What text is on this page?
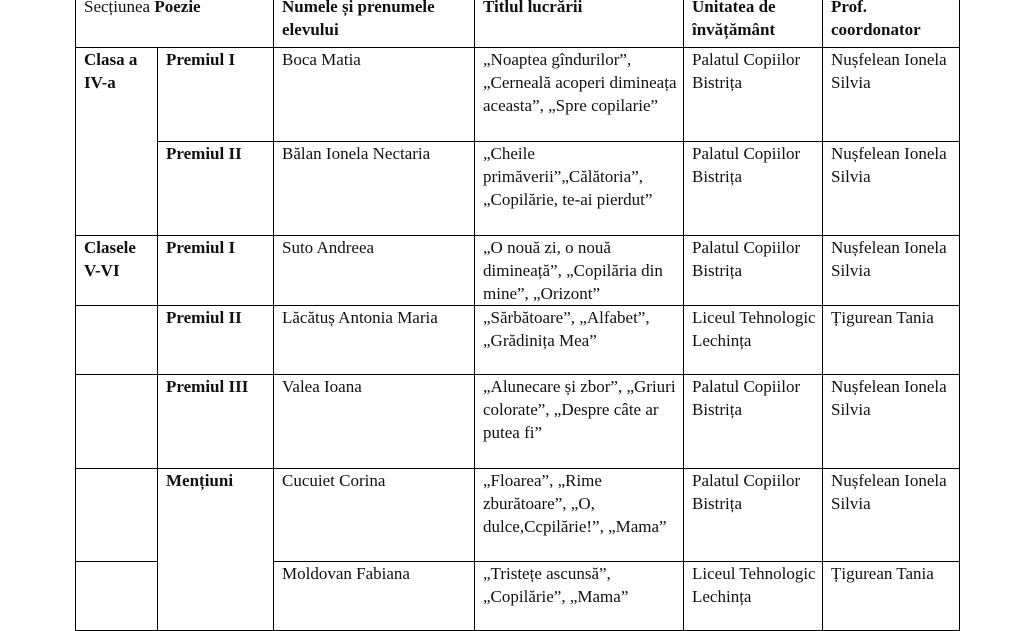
Secțiunea Poezie		Numele și prenumele elevului	Titlul lucrării	Unitatea de învățământ	Prof. coordonator
Clasa a IV-a	Premiul I	Boca Matia	„Noaptea gîndurilor”, „Cerneală acoperi dimineața aceasta”, „Spre copilarie”	Palatul Copiilor Bistrița	Nușfelean Ionela Silvia
	Premiul II	Bălan Ionela Nectaria	„Cheile primăverii”„Călătoria”, „Copilărie, te-ai pierdut”	Palatul Copiilor Bistrița	Nușfelean Ionela Silvia
Clasele V-VI	Premiul I	Suto Andreea	„O nouă zi, o nouă dimineață”, „Copilăria din mine”, „Orizont”	Palatul Copiilor Bistrița	Nușfelean Ionela Silvia
	Premiul II	Lăcătuș Antonia Maria	„Sărbătoare”, „Alfabet”, „Grădinița Mea”	Liceul Tehnologic Lechința	Țigurean Tania
	Premiul III	Valea Ioana	„Alunecare și zbor”, „Griuri colorate”, „Despre câte ar putea fi”	Palatul Copiilor Bistrița	Nușfelean Ionela Silvia
	Mențiuni	Cucuiet Corina	„Floarea”, „Rime zburătoare”, „O, dulce,Ccpilărie!”, „Mama”	Palatul Copiilor Bistrița	Nușfelean Ionela Silvia
		Moldovan Fabiana	„Tristețe ascunsă”, „Copilărie”, „Mama”	Liceul Tehnologic Lechința	Țigurean Tania
